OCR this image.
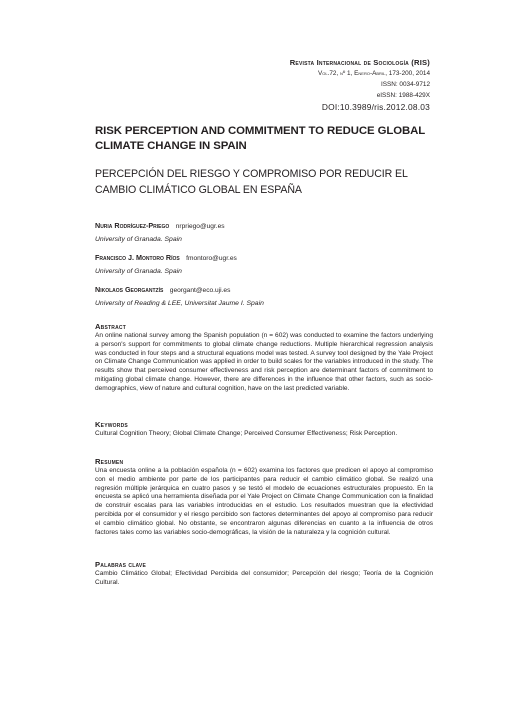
Revista Internacional de Sociología (RIS)
Vol.72, nº 1, Enero-Abril, 173-200, 2014
ISSN: 0034-9712
eISSN: 1988-429X
DOI:10.3989/ris.2012.08.03
RISK PERCEPTION AND COMMITMENT TO REDUCE GLOBAL CLIMATE CHANGE IN SPAIN
PERCEPCIÓN DEL RIESGO Y COMPROMISO POR REDUCIR EL CAMBIO CLIMÁTICO GLOBAL EN ESPAÑA
Nuria Rodríguez-Priego nrpriego@ugr.es
University of Granada. Spain
Francisco J. Montoro Ríos fmontoro@ugr.es
University of Granada. Spain
Nikolaos Georgantzís georgant@eco.uji.es
University of Reading & LEE, Universitat Jaume I. Spain
Abstract

An online national survey among the Spanish population (n = 602) was conducted to examine the factors underlying a person's support for commitments to global climate change reductions. Multiple hierarchical regression analysis was conducted in four steps and a structural equations model was tested. A survey tool designed by the Yale Project on Climate Change Communication was applied in order to build scales for the variables introduced in the study. The results show that perceived consumer effectiveness and risk perception are determinant factors of commitment to mitigating global climate change. However, there are differences in the influence that other factors, such as socio-demographics, view of nature and cultural cognition, have on the last predicted variable.

Keywords

Cultural Cognition Theory; Global Climate Change; Perceived Consumer Effectiveness; Risk Perception.

Resumen

Una encuesta online a la población española (n = 602) examina los factores que predicen el apoyo al compromiso con el medio ambiente por parte de los participantes para reducir el cambio climático global. Se realizó una regresión múltiple jerárquica en cuatro pasos y se testó el modelo de ecuaciones estructurales propuesto. En la encuesta se aplicó una herramienta diseñada por el Yale Project on Climate Change Communication con la finalidad de construir escalas para las variables introducidas en el estudio. Los resultados muestran que la efectividad percibida por el consumidor y el riesgo percibido son factores determinantes del apoyo al compromiso para reducir el cambio climático global. No obstante, se encontraron algunas diferencias en cuanto a la influencia de otros factores tales como las variables socio-demográficas, la visión de la naturaleza y la cognición cultural.

Palabras clave

Cambio Climático Global; Efectividad Percibida del consumidor; Percepción del riesgo; Teoría de la Cognición Cultural.
